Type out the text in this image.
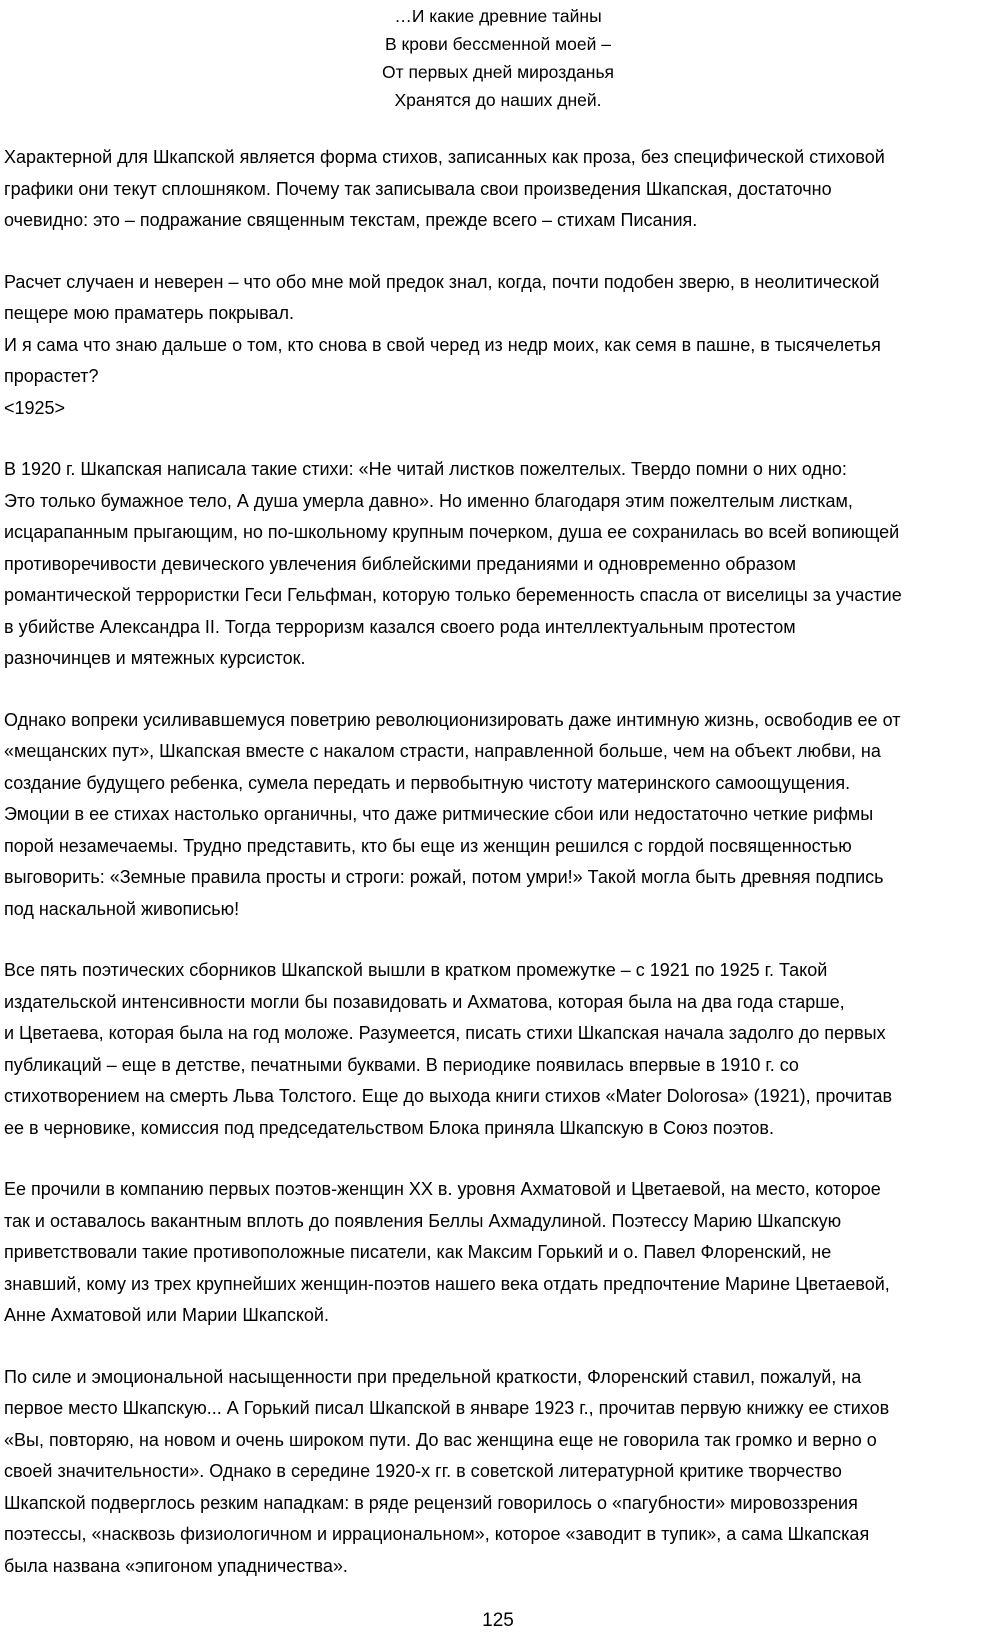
…И какие древние тайны
В крови бессменной моей –
От первых дней мирозданья
Хранятся до наших дней.

Характерной для Шкапской является форма стихов, записанных как проза, без специфической стиховой
графики они текут сплошняком. Почему так записывала свои произведения Шкапская, достаточно
очевидно: это – подражание священным текстам, прежде всего – стихам Писания.

Расчет случаен и неверен – что обо мне мой предок знал, когда, почти подобен зверю, в неолитической
пещере мою праматерь покрывал.
И я сама что знаю дальше о том, кто снова в свой черед из недр моих, как семя в пашне, в тысячелетья
прорастет?
<1925>

В 1920 г. Шкапская написала такие стихи: «Не читай листков пожелтелых. Твердо помни о них одно:
Это только бумажное тело, А душа умерла давно». Но именно благодаря этим пожелтелым листкам,
исцарапанным прыгающим, но по-школьному крупным почерком, душа ее сохранилась во всей вопиющей
противоречивости девического увлечения библейскими преданиями и одновременно образом
романтической террористки Геси Гельфман, которую только беременность спасла от виселицы за участие
в убийстве Александра II. Тогда терроризм казался своего рода интеллектуальным протестом
разночинцев и мятежных курсисток.

Однако вопреки усиливавшемуся поветрию революционизировать даже интимную жизнь, освободив ее от
«мещанских пут», Шкапская вместе с накалом страсти, направленной больше, чем на объект любви, на
создание будущего ребенка, сумела передать и первобытную чистоту материнского самоощущения.
Эмоции в ее стихах настолько органичны, что даже ритмические сбои или недостаточно четкие рифмы
порой незамечаемы. Трудно представить, кто бы еще из женщин решился с гордой посвященностью
выговорить: «Земные правила просты и строги: рожай, потом умри!» Такой могла быть древняя подпись
под наскальной живописью!

Все пять поэтических сборников Шкапской вышли в кратком промежутке – с 1921 по 1925 г. Такой
издательской интенсивности могли бы позавидовать и Ахматова, которая была на два года старше,
и Цветаева, которая была на год моложе. Разумеется, писать стихи Шкапская начала задолго до первых
публикаций – еще в детстве, печатными буквами. В периодике появилась впервые в 1910 г. со
стихотворением на смерть Льва Толстого. Еще до выхода книги стихов «Mater Dolorosa» (1921), прочитав
ее в черновике, комиссия под председательством Блока приняла Шкапскую в Союз поэтов.

Ее прочили в компанию первых поэтов-женщин XX в. уровня Ахматовой и Цветаевой, на место, которое
так и оставалось вакантным вплоть до появления Беллы Ахмадулиной. Поэтессу Марию Шкапскую
приветствовали такие противоположные писатели, как Максим Горький и о. Павел Флоренский, не
знавший, кому из трех крупнейших женщин-поэтов нашего века отдать предпочтение Марине Цветаевой,
Анне Ахматовой или Марии Шкапской.

По силе и эмоциональной насыщенности при предельной краткости, Флоренский ставил, пожалуй, на
первое место Шкапскую... А Горький писал Шкапской в январе 1923 г., прочитав первую книжку ее стихов
«Вы, повторяю, на новом и очень широком пути. До вас женщина еще не говорила так громко и верно о
своей значительности». Однако в середине 1920-х гг. в советской литературной критике творчество
Шкапской подверглось резким нападкам: в ряде рецензий говорилось о «пагубности» мировоззрения
поэтессы, «насквозь физиологичном и иррациональном», которое «заводит в тупик», а сама Шкапская
была названа «эпигоном упадничества».

125
